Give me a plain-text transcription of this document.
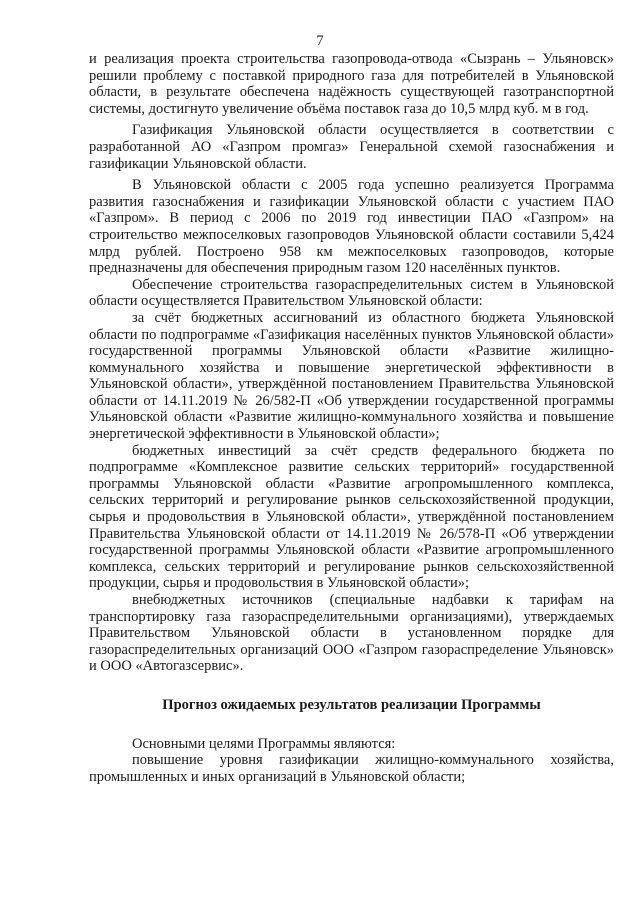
7

и реализация проекта строительства газопровода-отвода «Сызрань – Ульяновск» решили проблему с поставкой природного газа для потребителей в Ульяновской области, в результате обеспечена надёжность существующей газотранспортной системы, достигнуто увеличение объёма поставок газа до 10,5 млрд куб. м в год.

Газификация Ульяновской области осуществляется в соответствии с разработанной АО «Газпром промгаз» Генеральной схемой газоснабжения и газификации Ульяновской области.

В Ульяновской области с 2005 года успешно реализуется Программа развития газоснабжения и газификации Ульяновской области с участием ПАО «Газпром». В период с 2006 по 2019 год инвестиции ПАО «Газпром» на строительство межпоселковых газопроводов Ульяновской области составили 5,424 млрд рублей. Построено 958 км межпоселковых газопроводов, которые предназначены для обеспечения природным газом 120 населённых пунктов.

Обеспечение строительства газораспределительных систем в Ульяновской области осуществляется Правительством Ульяновской области:

за счёт бюджетных ассигнований из областного бюджета Ульяновской области по подпрограмме «Газификация населённых пунктов Ульяновской области» государственной программы Ульяновской области «Развитие жилищно-коммунального хозяйства и повышение энергетической эффективности в Ульяновской области», утверждённой постановлением Правительства Ульяновской области от 14.11.2019 № 26/582-П «Об утверждении государственной программы Ульяновской области «Развитие жилищно-коммунального хозяйства и повышение энергетической эффективности в Ульяновской области»;

бюджетных инвестиций за счёт средств федерального бюджета по подпрограмме «Комплексное развитие сельских территорий» государственной программы Ульяновской области «Развитие агропромышленного комплекса, сельских территорий и регулирование рынков сельскохозяйственной продукции, сырья и продовольствия в Ульяновской области», утверждённой постановлением Правительства Ульяновской области от 14.11.2019 № 26/578-П «Об утверждении государственной программы Ульяновской области «Развитие агропромышленного комплекса, сельских территорий и регулирование рынков сельскохозяйственной продукции, сырья и продовольствия в Ульяновской области»;

внебюджетных источников (специальные надбавки к тарифам на транспортировку газа газораспределительными организациями), утверждаемых Правительством Ульяновской области в установленном порядке для газораспределительных организаций ООО «Газпром газораспределение Ульяновск» и ООО «Автогазсервис».

Прогноз ожидаемых результатов реализации Программы

Основными целями Программы являются:

повышение уровня газификации жилищно-коммунального хозяйства, промышленных и иных организаций в Ульяновской области;
